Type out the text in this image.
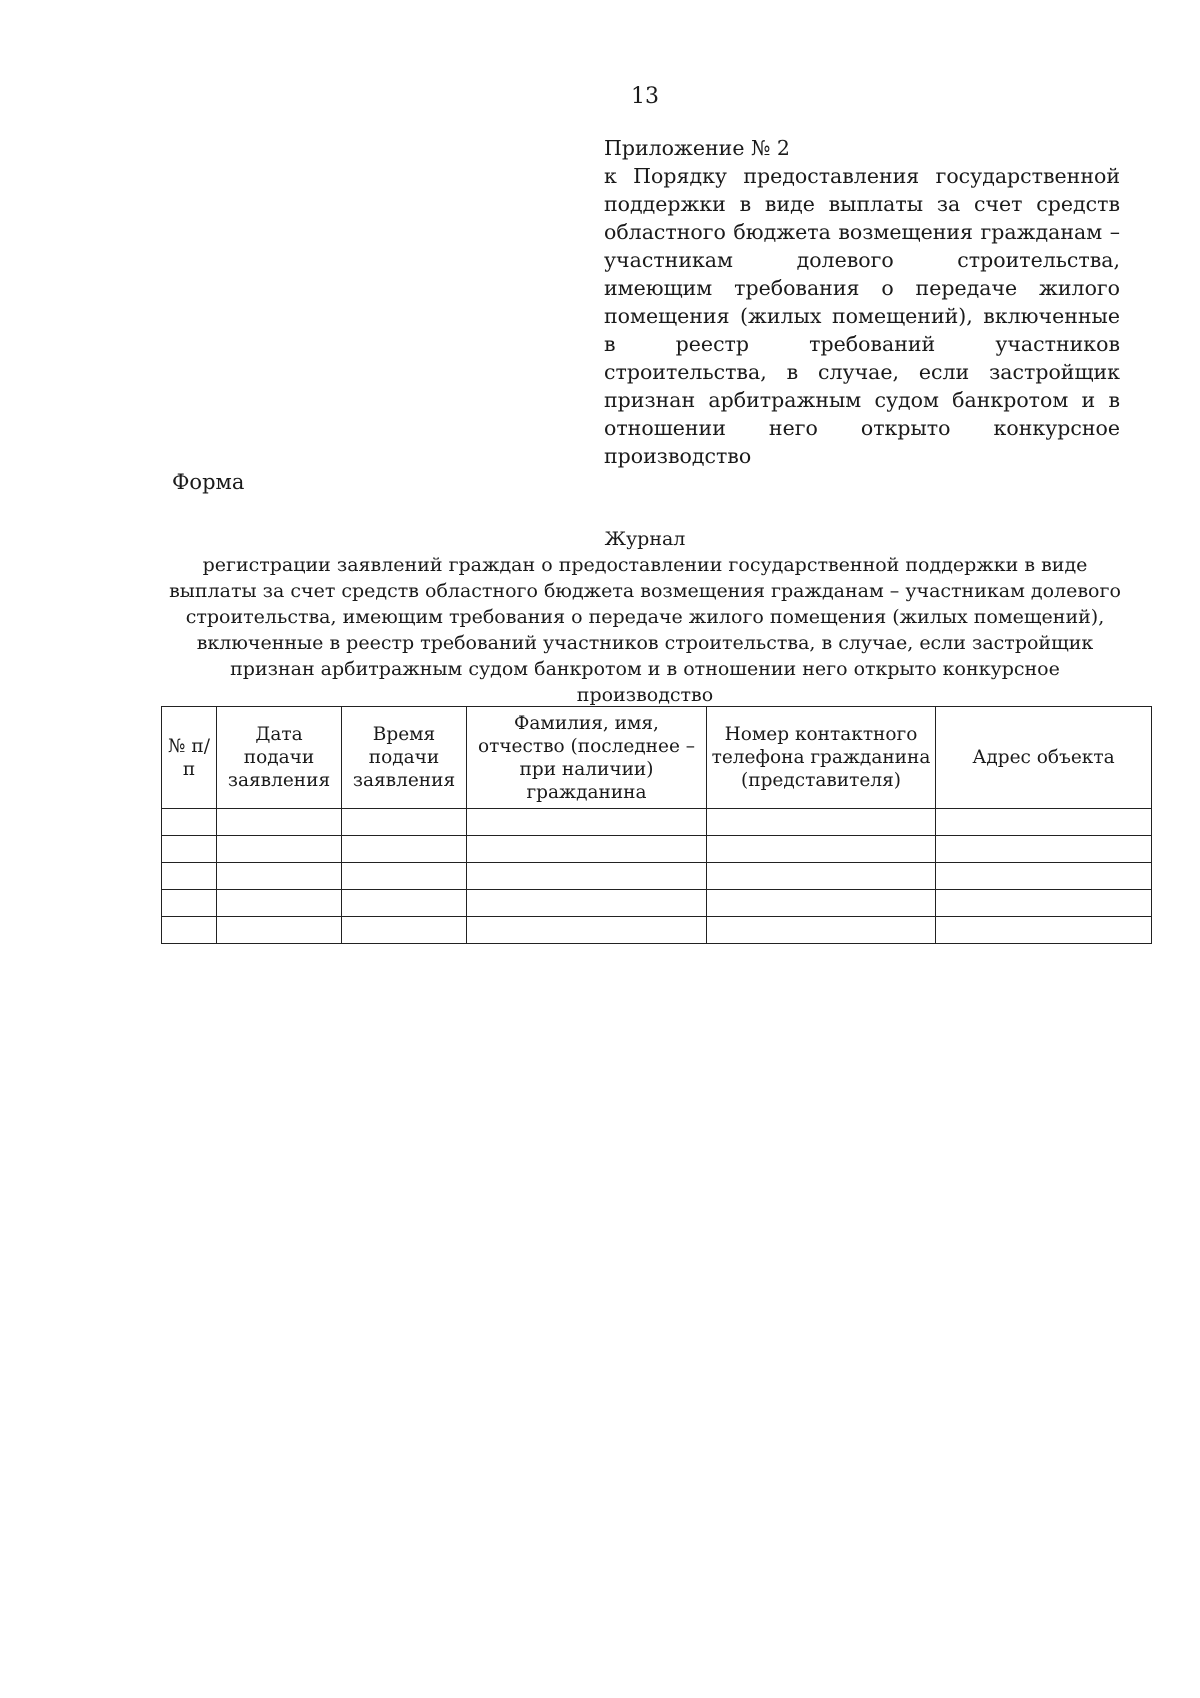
13
Приложение № 2
к Порядку предоставления государственной поддержки в виде выплаты за счет средств областного бюджета возмещения гражданам – участникам долевого строительства, имеющим требования о передаче жилого помещения (жилых помещений), включенные в реестр требований участников строительства, в случае, если застройщик признан арбитражным судом банкротом и в отношении него открыто конкурсное производство
Форма
Журнал
регистрации заявлений граждан о предоставлении государственной поддержки в виде выплаты за счет средств областного бюджета возмещения гражданам – участникам долевого строительства, имеющим требования о передаче жилого помещения (жилых помещений), включенные в реестр требований участников строительства, в случае, если застройщик признан арбитражным судом банкротом и в отношении него открыто конкурсное производство
№ п/п	Дата подачи заявления	Время подачи заявления	Фамилия, имя, отчество (последнее – при наличии) гражданина	Номер контактного телефона гражданина (представителя)	Адрес объекта
